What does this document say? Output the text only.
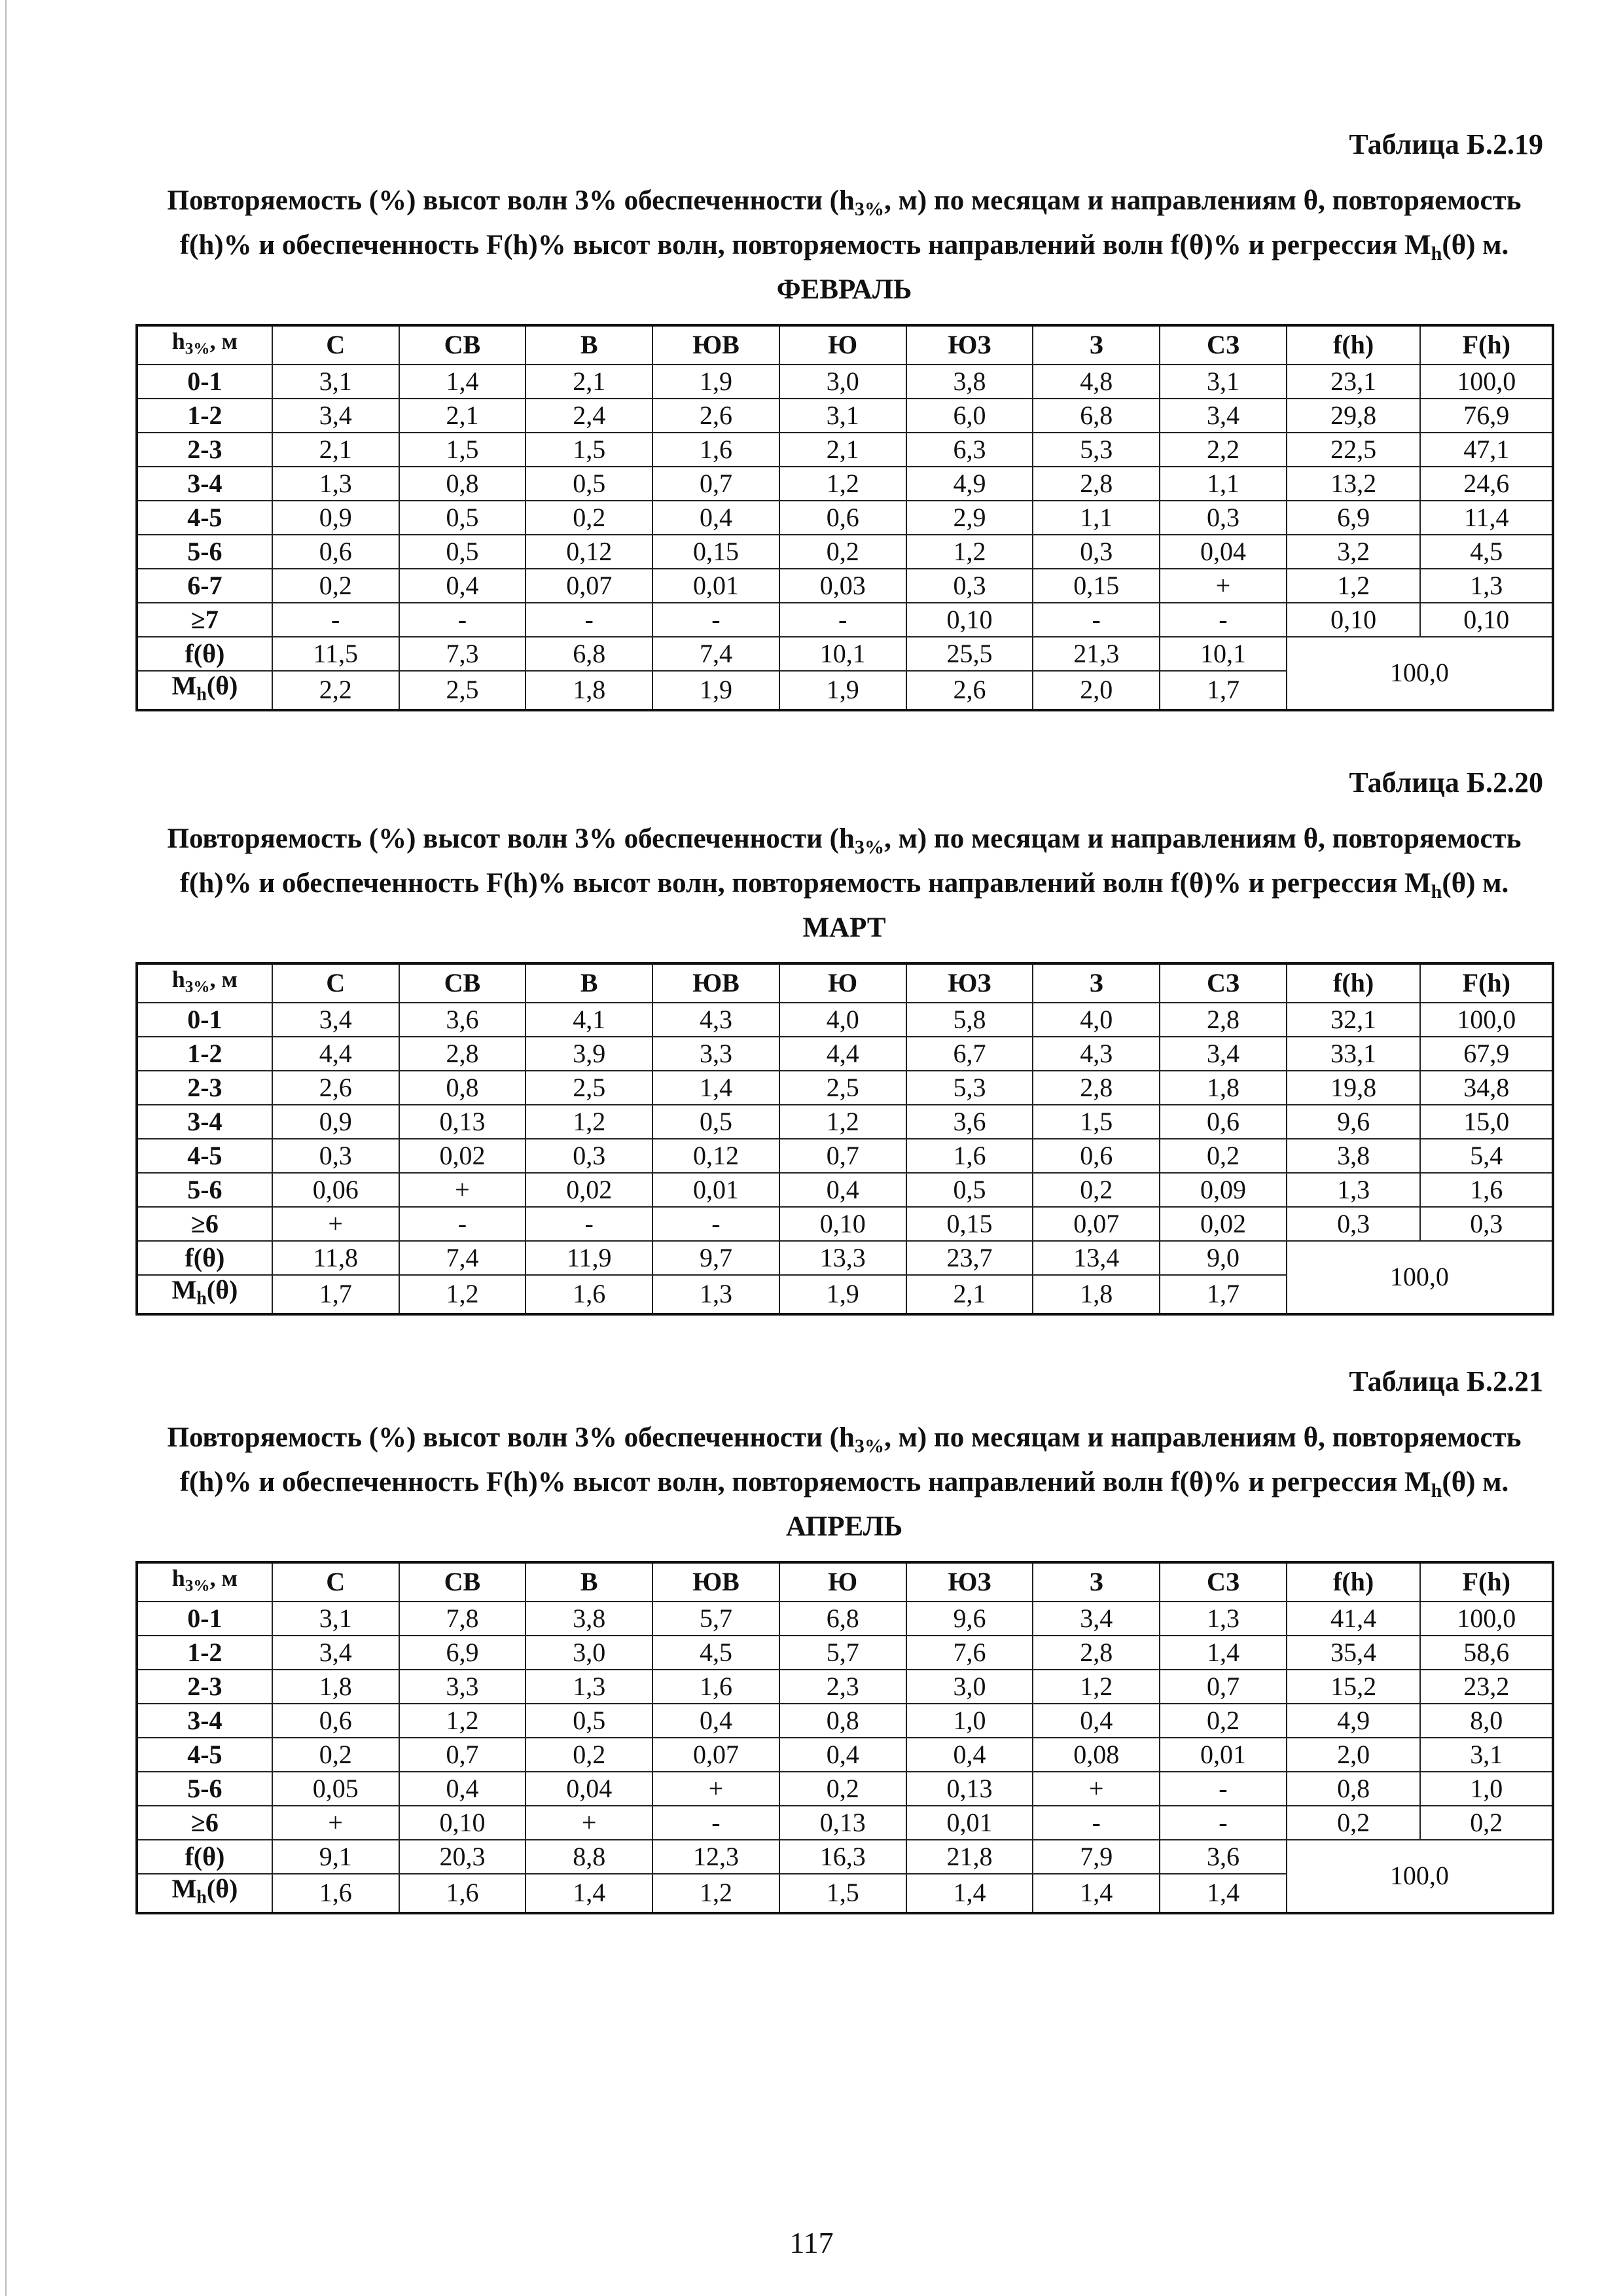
Таблица Б.2.19
Повторяемость (%) высот волн 3% обеспеченности ($h_{3\%}$, м) по месяцам и направлениям θ, повторяемость f(h)% и обеспеченность F(h)% высот волн, повторяемость направлений волн f(θ)% и регрессия $M_h(\theta)$ м. ФЕВРАЛЬ
$h_{3\%}$, м	С	СВ	В	ЮВ	Ю	ЮЗ	З	СЗ	f(h)	F(h)
0-1	3,1	1,4	2,1	1,9	3,0	3,8	4,8	3,1	23,1	100,0
1-2	3,4	2,1	2,4	2,6	3,1	6,0	6,8	3,4	29,8	76,9
2-3	2,1	1,5	1,5	1,6	2,1	6,3	5,3	2,2	22,5	47,1
3-4	1,3	0,8	0,5	0,7	1,2	4,9	2,8	1,1	13,2	24,6
4-5	0,9	0,5	0,2	0,4	0,6	2,9	1,1	0,3	6,9	11,4
5-6	0,6	0,5	0,12	0,15	0,2	1,2	0,3	0,04	3,2	4,5
6-7	0,2	0,4	0,07	0,01	0,03	0,3	0,15	+	1,2	1,3
≥7	-	-	-	-	-	0,10	-	-	0,10	0,10
f(θ)	11,5	7,3	6,8	7,4	10,1	25,5	21,3	10,1	100,0	
$M_h(\theta)$	2,2	2,5	1,8	1,9	1,9	2,6	2,0	1,7		
Таблица Б.2.20
Повторяемость (%) высот волн 3% обеспеченности ($h_{3\%}$, м) по месяцам и направлениям θ, повторяемость f(h)% и обеспеченность F(h)% высот волн, повторяемость направлений волн f(θ)% и регрессия $M_h(\theta)$ м. МАРТ
$h_{3\%}$, м	С	СВ	В	ЮВ	Ю	ЮЗ	З	СЗ	f(h)	F(h)
0-1	3,4	3,6	4,1	4,3	4,0	5,8	4,0	2,8	32,1	100,0
1-2	4,4	2,8	3,9	3,3	4,4	6,7	4,3	3,4	33,1	67,9
2-3	2,6	0,8	2,5	1,4	2,5	5,3	2,8	1,8	19,8	34,8
3-4	0,9	0,13	1,2	0,5	1,2	3,6	1,5	0,6	9,6	15,0
4-5	0,3	0,02	0,3	0,12	0,7	1,6	0,6	0,2	3,8	5,4
5-6	0,06	+	0,02	0,01	0,4	0,5	0,2	0,09	1,3	1,6
≥6	+	-	-	-	0,10	0,15	0,07	0,02	0,3	0,3
f(θ)	11,8	7,4	11,9	9,7	13,3	23,7	13,4	9,0	100,0	
$M_h(\theta)$	1,7	1,2	1,6	1,3	1,9	2,1	1,8	1,7		
Таблица Б.2.21
Повторяемость (%) высот волн 3% обеспеченности ($h_{3\%}$, м) по месяцам и направлениям θ, повторяемость f(h)% и обеспеченность F(h)% высот волн, повторяемость направлений волн f(θ)% и регрессия $M_h(\theta)$ м. АПРЕЛЬ
$h_{3\%}$, м	С	СВ	В	ЮВ	Ю	ЮЗ	З	СЗ	f(h)	F(h)
0-1	3,1	7,8	3,8	5,7	6,8	9,6	3,4	1,3	41,4	100,0
1-2	3,4	6,9	3,0	4,5	5,7	7,6	2,8	1,4	35,4	58,6
2-3	1,8	3,3	1,3	1,6	2,3	3,0	1,2	0,7	15,2	23,2
3-4	0,6	1,2	0,5	0,4	0,8	1,0	0,4	0,2	4,9	8,0
4-5	0,2	0,7	0,2	0,07	0,4	0,4	0,08	0,01	2,0	3,1
5-6	0,05	0,4	0,04	+	0,2	0,13	+	-	0,8	1,0
≥6	+	0,10	+	-	0,13	0,01	-	-	0,2	0,2
f(θ)	9,1	20,3	8,8	12,3	16,3	21,8	7,9	3,6	100,0	
$M_h(\theta)$	1,6	1,6	1,4	1,2	1,5	1,4	1,4	1,4		
117
